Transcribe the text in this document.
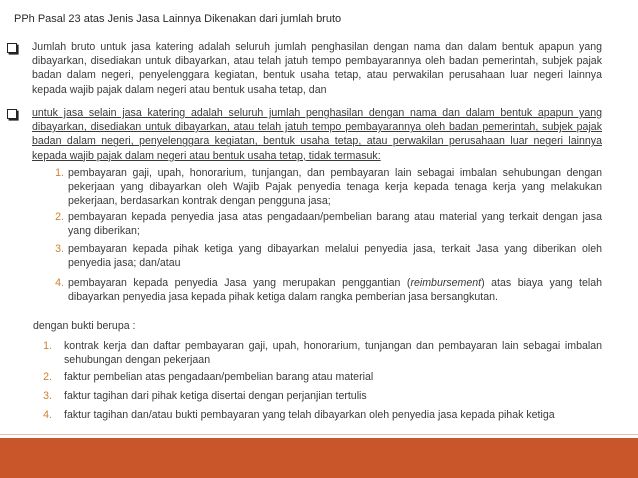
PPh Pasal 23 atas Jenis Jasa Lainnya Dikenakan dari jumlah bruto
Jumlah bruto untuk jasa katering adalah seluruh jumlah penghasilan dengan nama dan dalam bentuk apapun yang dibayarkan, disediakan untuk dibayarkan, atau telah jatuh tempo pembayarannya oleh badan pemerintah, subjek pajak badan dalam negeri, penyelenggara kegiatan, bentuk usaha tetap, atau perwakilan perusahaan luar negeri lainnya kepada wajib pajak dalam negeri atau bentuk usaha tetap, dan
untuk jasa selain jasa katering adalah seluruh jumlah penghasilan dengan nama dan dalam bentuk apapun yang dibayarkan, disediakan untuk dibayarkan, atau telah jatuh tempo pembayarannya oleh badan pemerintah, subjek pajak badan dalam negeri, penyelenggara kegiatan, bentuk usaha tetap, atau perwakilan perusahaan luar negeri lainnya kepada wajib pajak dalam negeri atau bentuk usaha tetap, tidak termasuk:
1. pembayaran gaji, upah, honorarium, tunjangan, dan pembayaran lain sebagai imbalan sehubungan dengan pekerjaan yang dibayarkan oleh Wajib Pajak penyedia tenaga kerja kepada tenaga kerja yang melakukan pekerjaan, berdasarkan kontrak dengan pengguna jasa;
2. pembayaran kepada penyedia jasa atas pengadaan/pembelian barang atau material yang terkait dengan jasa yang diberikan;
3. pembayaran kepada pihak ketiga yang dibayarkan melalui penyedia jasa, terkait Jasa yang diberikan oleh penyedia jasa; dan/atau
4. pembayaran kepada penyedia Jasa yang merupakan penggantian (reimbursement) atas biaya yang telah dibayarkan penyedia jasa kepada pihak ketiga dalam rangka pemberian jasa bersangkutan.
dengan bukti berupa :
1. kontrak kerja dan daftar pembayaran gaji, upah, honorarium, tunjangan dan pembayaran lain sebagai imbalan sehubungan dengan pekerjaan
2. faktur pembelian atas pengadaan/pembelian barang atau material
3. faktur tagihan dari pihak ketiga disertai dengan perjanjian tertulis
4. faktur tagihan dan/atau bukti pembayaran yang telah dibayarkan oleh penyedia jasa kepada pihak ketiga
